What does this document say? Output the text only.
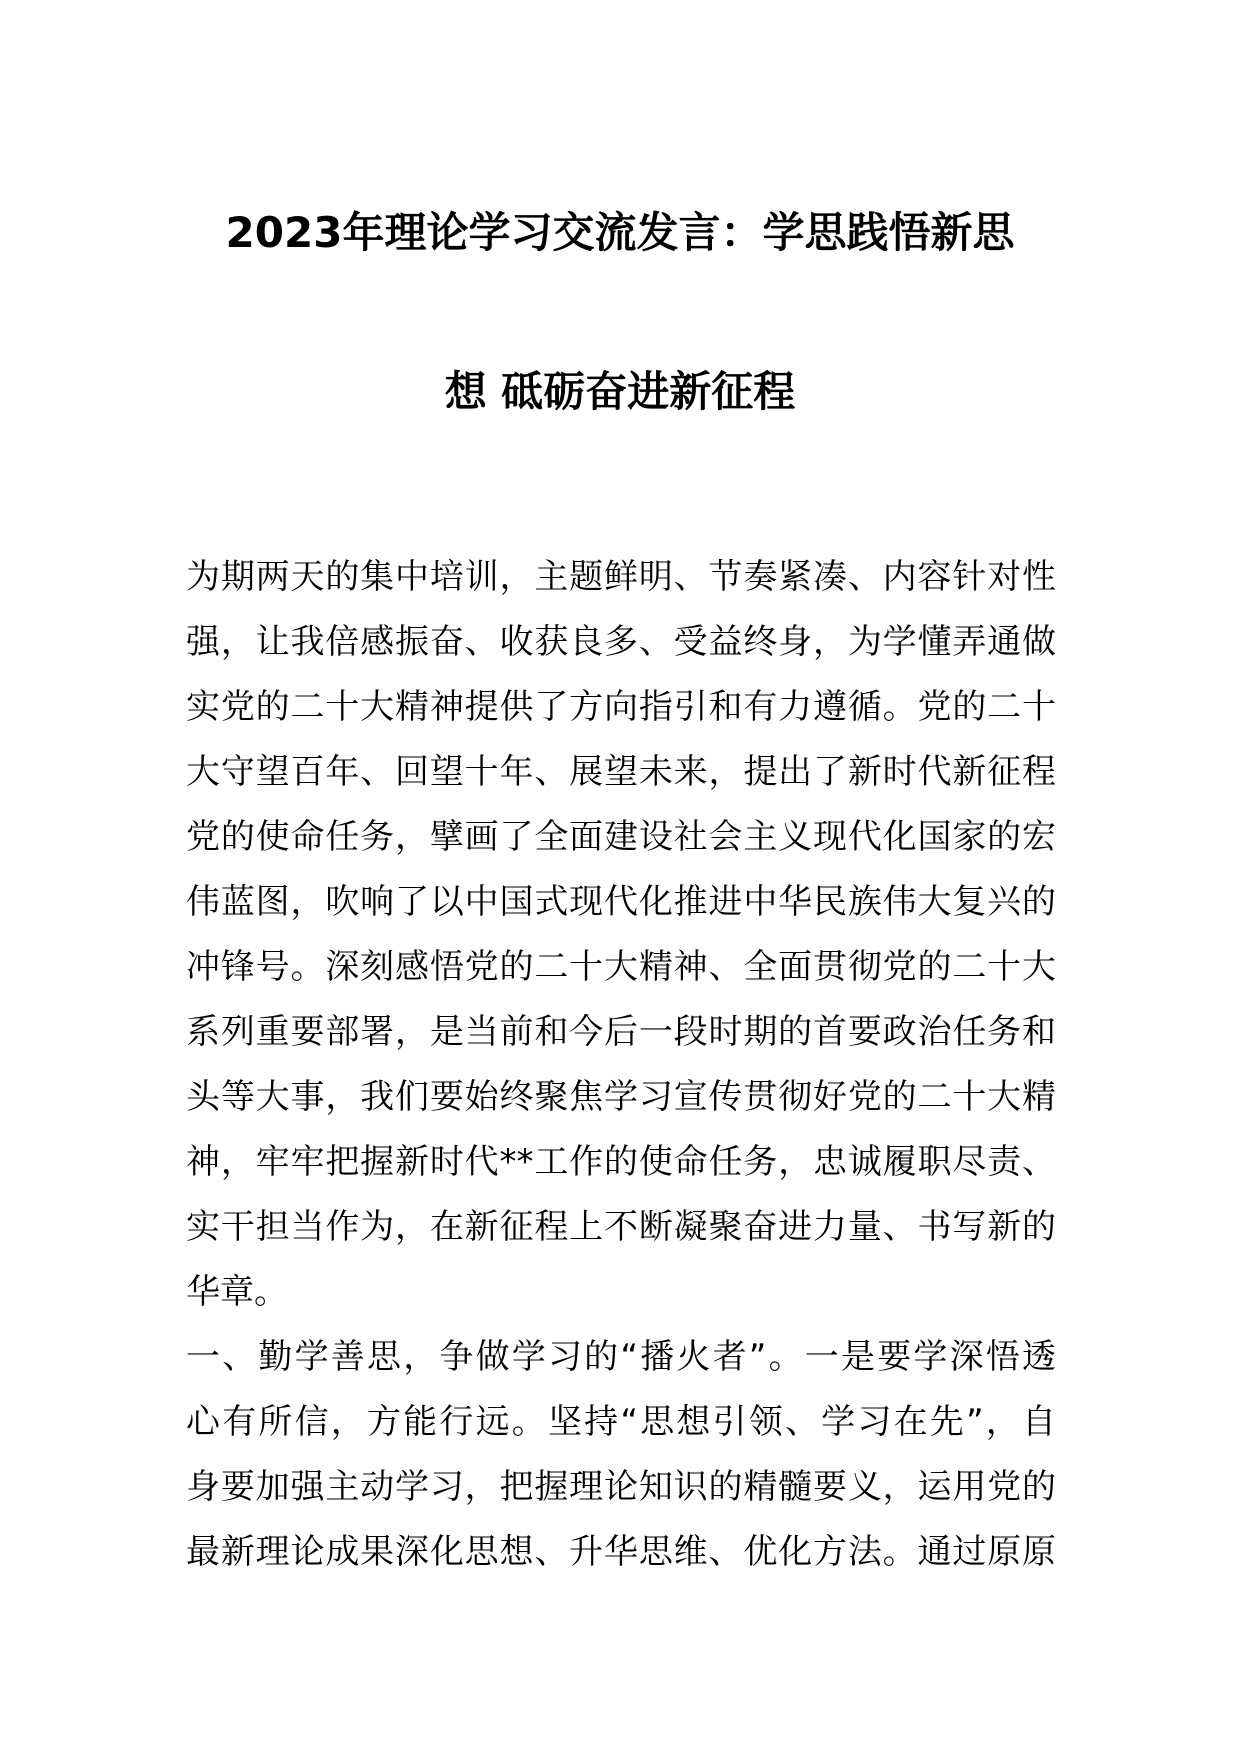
2023年理论学习交流发言：学思践悟新思
想 砥砺奋进新征程
为期两天的集中培训，主题鲜明、节奏紧凑、内容针对性
强，让我倍感振奋、收获良多、受益终身，为学懂弄通做
实党的二十大精神提供了方向指引和有力遵循。党的二十
大守望百年、回望十年、展望未来，提出了新时代新征程
党的使命任务，擘画了全面建设社会主义现代化国家的宏
伟蓝图，吹响了以中国式现代化推进中华民族伟大复兴的
冲锋号。深刻感悟党的二十大精神、全面贯彻党的二十大
系列重要部署，是当前和今后一段时期的首要政治任务和
头等大事，我们要始终聚焦学习宣传贯彻好党的二十大精
神，牢牢把握新时代**工作的使命任务，忠诚履职尽责、
实干担当作为，在新征程上不断凝聚奋进力量、书写新的
华章。
一、勤学善思，争做学习的“播火者”。一是要学深悟透
心有所信，方能行远。坚持“思想引领、学习在先”，自
身要加强主动学习，把握理论知识的精髓要义，运用党的
最新理论成果深化思想、升华思维、优化方法。通过原原
